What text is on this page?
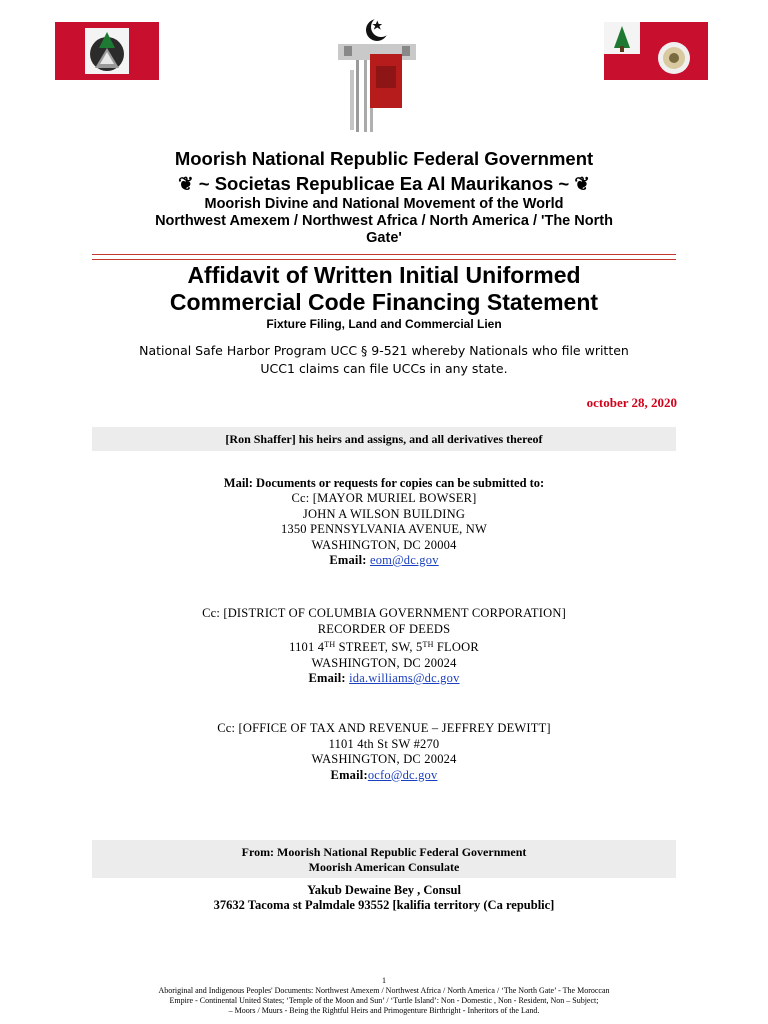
Moorish National Republic Federal Government
❦ ~ Societas Republicae Ea Al Maurikanos ~ ❦
Moorish Divine and National Movement of the World
Northwest Amexem / Northwest Africa / North America / 'The North
Gate'
Affidavit of Written Initial Uniformed
Commercial Code Financing Statement
Fixture Filing, Land and Commercial Lien
National Safe Harbor Program UCC § 9-521 whereby Nationals who file written
UCC1 claims can file UCCs in any state.
october 28, 2020
[Ron Shaffer] his heirs and assigns, and all derivatives thereof
Mail: Documents or requests for copies can be submitted to:
Cc: [MAYOR MURIEL BOWSER]
JOHN A WILSON BUILDING
1350 PENNSYLVANIA AVENUE, NW
WASHINGTON, DC 20004
Email: eom@dc.gov
Cc: [DISTRICT OF COLUMBIA GOVERNMENT CORPORATION]
RECORDER OF DEEDS
1101 4TH STREET, SW, 5TH FLOOR
WASHINGTON, DC 20024
Email: ida.williams@dc.gov
Cc: [OFFICE OF TAX AND REVENUE – JEFFREY DEWITT]
1101 4th St SW #270
WASHINGTON, DC 20024
Email:ocfo@dc.gov
From: Moorish National Republic Federal Government
Moorish American Consulate
Yakub Dewaine Bey , Consul
37632 Tacoma st Palmdale 93552 [kalifia territory (Ca republic]
1
Aboriginal and Indigenous Peoples' Documents: Northwest Amexem / Northwest Africa / North America / ‘The North Gate’ - The Moroccan
Empire - Continental United States; ‘Temple of the Moon and Sun’ / ‘Turtle Island’: Non - Domestic , Non - Resident, Non – Subject;
– Moors / Muurs - Being the Rightful Heirs and Primogenture Birthright - Inheritors of the Land.
